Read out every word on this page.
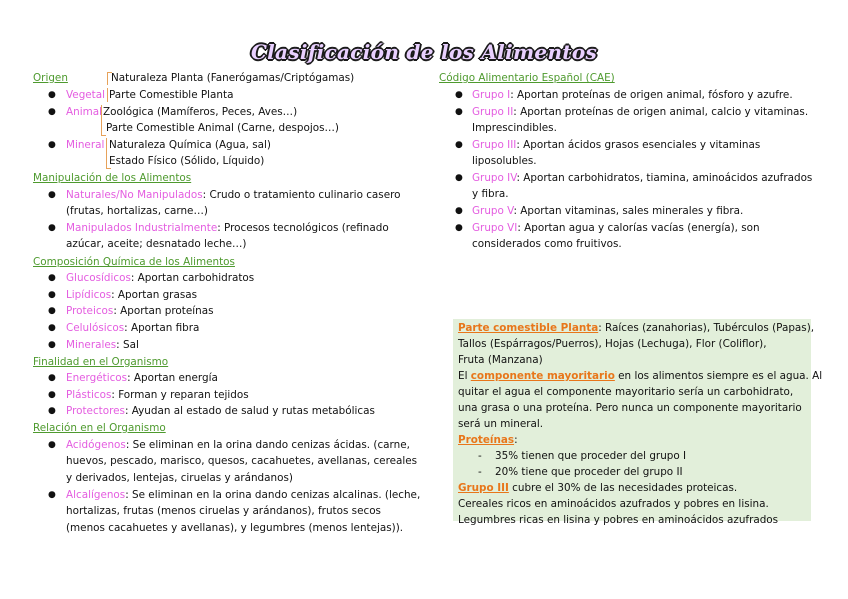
Clasificación de los Alimentos
Origen	Naturaleza Planta (Fanerógamas/Criptógamas)
● Vegetal Parte Comestible Planta
● Animal Zoológica (Mamíferos, Peces, Aves…)
Parte Comestible Animal (Carne, despojos…)
● Mineral Naturaleza Química (Agua, sal)
Estado Físico (Sólido, Líquido)
Manipulación de los Alimentos
● Naturales/No Manipulados: Crudo o tratamiento culinario casero
(frutas, hortalizas, carne…)
● Manipulados Industrialmente: Procesos tecnológicos (refinado
azúcar, aceite; desnatado leche…)
Composición Química de los Alimentos
● Glucosídicos: Aportan carbohidratos
● Lipídicos: Aportan grasas
● Proteicos: Aportan proteínas
● Celulósicos: Aportan fibra
● Minerales: Sal
Finalidad en el Organismo
● Energéticos: Aportan energía
● Plásticos: Forman y reparan tejidos
● Protectores: Ayudan al estado de salud y rutas metabólicas
Relación en el Organismo
● Acidógenos: Se eliminan en la orina dando cenizas ácidas. (carne,
huevos, pescado, marisco, quesos, cacahuetes, avellanas, cereales
y derivados, lentejas, ciruelas y arándanos)
● Alcalígenos: Se eliminan en la orina dando cenizas alcalinas. (leche,
hortalizas, frutas (menos ciruelas y arándanos), frutos secos
(menos cacahuetes y avellanas), y legumbres (menos lentejas)).
Código Alimentario Español (CAE)
● Grupo I: Aportan proteínas de origen animal, fósforo y azufre.
● Grupo II: Aportan proteínas de origen animal, calcio y vitaminas.
Imprescindibles.
● Grupo III: Aportan ácidos grasos esenciales y vitaminas
liposolubles.
● Grupo IV: Aportan carbohidratos, tiamina, aminoácidos azufrados
y fibra.
● Grupo V: Aportan vitaminas, sales minerales y fibra.
● Grupo VI: Aportan agua y calorías vacías (energía), son
considerados como fruitivos.
Parte comestible Planta: Raíces (zanahorias), Tubérculos (Papas),
Tallos (Espárragos/Puerros), Hojas (Lechuga), Flor (Coliflor),
Fruta (Manzana)
El componente mayoritario en los alimentos siempre es el agua. Al
quitar el agua el componente mayoritario sería un carbohidrato,
una grasa o una proteína. Pero nunca un componente mayoritario
será un mineral.
Proteínas:
- 35% tienen que proceder del grupo I
- 20% tiene que proceder del grupo II
Grupo III cubre el 30% de las necesidades proteicas.
Cereales ricos en aminoácidos azufrados y pobres en lisina.
Legumbres ricas en lisina y pobres en aminoácidos azufrados
